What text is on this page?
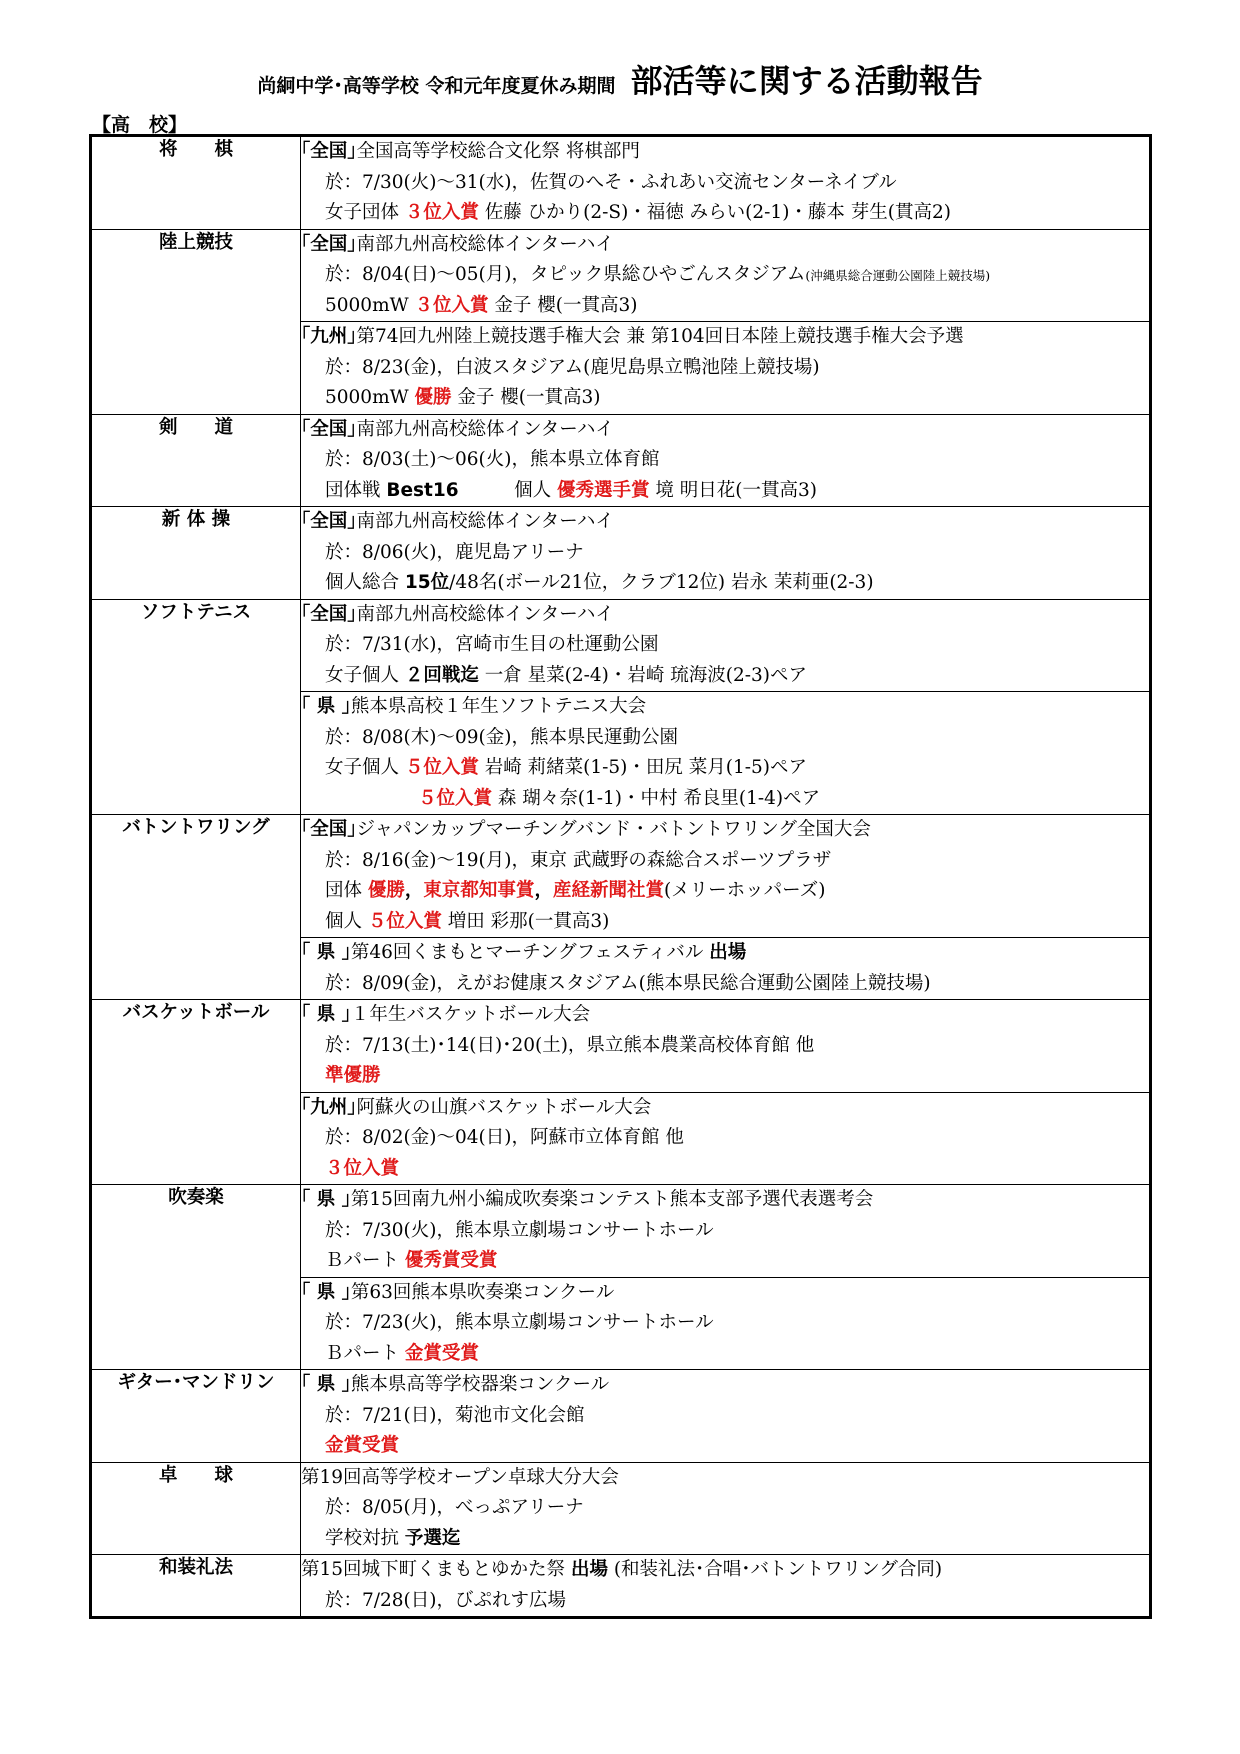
尚絅中学･高等学校 令和元年度夏休み期間 部活等に関する活動報告
【高　校】
将　　棋	｢全国｣全国高等学校総合文化祭 将棋部門
於：7/30(火)～31(水)，佐賀のへそ・ふれあい交流センターネイブル
女子団体 ３位入賞 佐藤 ひかり(2-S)・福徳 みらい(2-1)・藤本 芽生(貫高2)

陸上競技	｢全国｣南部九州高校総体インターハイ
於：8/04(日)～05(月)，タピック県総ひやごんスタジアム(沖縄県総合運動公園陸上競技場)
5000mW ３位入賞 金子 櫻(一貫高3)

	｢九州｣第74回九州陸上競技選手権大会 兼 第104回日本陸上競技選手権大会予選
於：8/23(金)，白波スタジアム(鹿児島県立鴨池陸上競技場)
5000mW 優勝 金子 櫻(一貫高3)

剣　　道	｢全国｣南部九州高校総体インターハイ
於：8/03(土)～06(火)，熊本県立体育館
団体戦 Best16　　　個人 優秀選手賞 境 明日花(一貫高3)

新 体 操	｢全国｣南部九州高校総体インターハイ
於：8/06(火)，鹿児島アリーナ
個人総合 15位/48名(ボール21位，クラブ12位) 岩永 茉莉亜(2-3)

ソフトテニス	｢全国｣南部九州高校総体インターハイ
於：7/31(水)，宮崎市生目の杜運動公園
女子個人 ２回戦迄 一倉 星菜(2-4)・岩崎 琉海波(2-3)ペア

	｢ 県 ｣熊本県高校１年生ソフトテニス大会
於：8/08(木)～09(金)，熊本県民運動公園
女子個人 ５位入賞 岩崎 莉緒菜(1-5)・田尻 菜月(1-5)ペア
５位入賞 森 瑚々奈(1-1)・中村 希良里(1-4)ペア

バトントワリング	｢全国｣ジャパンカップマーチングバンド・バトントワリング全国大会
於：8/16(金)～19(月)，東京 武蔵野の森総合スポーツプラザ
団体 優勝，東京都知事賞，産経新聞社賞(メリーホッパーズ)
個人 ５位入賞 増田 彩那(一貫高3)

	｢ 県 ｣第46回くまもとマーチングフェスティバル 出場
於：8/09(金)，えがお健康スタジアム(熊本県民総合運動公園陸上競技場)

バスケットボール	｢ 県 ｣１年生バスケットボール大会
於：7/13(土)･14(日)･20(土)，県立熊本農業高校体育館 他
準優勝

	｢九州｣阿蘇火の山旗バスケットボール大会
於：8/02(金)～04(日)，阿蘇市立体育館 他
３位入賞

吹奏楽	｢ 県 ｣第15回南九州小編成吹奏楽コンテスト熊本支部予選代表選考会
於：7/30(火)，熊本県立劇場コンサートホール
Ｂパート 優秀賞受賞

	｢ 県 ｣第63回熊本県吹奏楽コンクール
於：7/23(火)，熊本県立劇場コンサートホール
Ｂパート 金賞受賞

ギター･マンドリン	｢ 県 ｣熊本県高等学校器楽コンクール
於：7/21(日)，菊池市文化会館
金賞受賞

卓　　球	第19回高等学校オープン卓球大分大会
於：8/05(月)，べっぷアリーナ
学校対抗 予選迄

和装礼法	第15回城下町くまもとゆかた祭 出場 (和装礼法･合唱･バトントワリング合同)
於：7/28(日)，びぷれす広場
